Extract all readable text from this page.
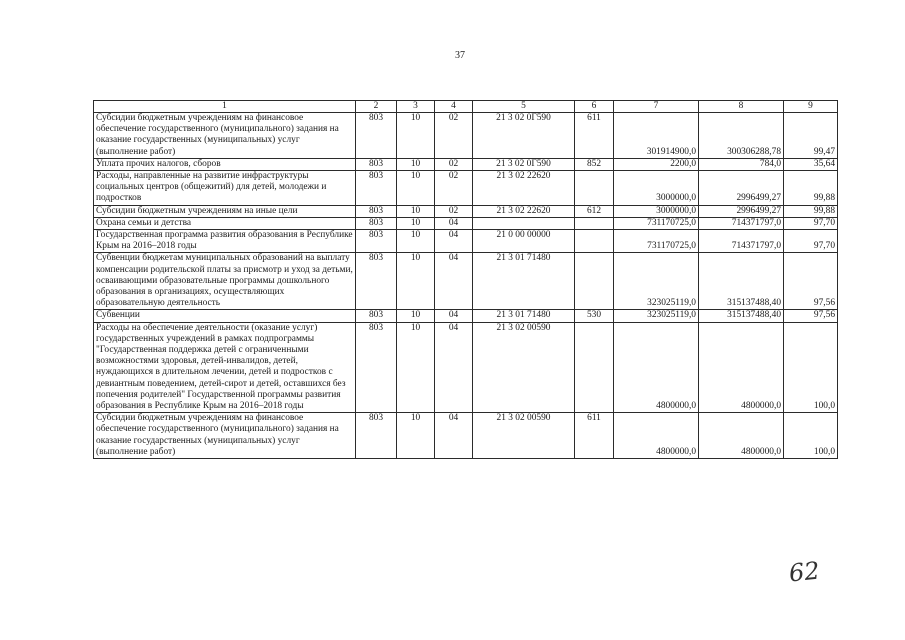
37
1	2	3	4	5	6	7	8	9
Субсидии бюджетным учреждениям на финансовое обеспечение государственного (муниципального) задания на оказание государственных (муниципальных) услуг (выполнение работ)	803	10	02	21 3 02 0Г590	611	301914900,0	300306288,78	99,47
Уплата прочих налогов, сборов	803	10	02	21 3 02 0Г590	852	2200,0	784,0	35,64
Расходы, направленные на развитие инфраструктуры социальных центров (общежитий) для детей, молодежи и подростков	803	10	02	21 3 02 22620		3000000,0	2996499,27	99,88
Субсидии бюджетным учреждениям на иные цели	803	10	02	21 3 02 22620	612	3000000,0	2996499,27	99,88
Охрана семьи и детства	803	10	04			731170725,0	714371797,0	97,70
Государственная программа развития образования в Республике Крым на 2016–2018 годы	803	10	04	21 0 00 00000		731170725,0	714371797,0	97,70
Субвенции бюджетам муниципальных образований на выплату компенсации родительской платы за присмотр и уход за детьми, осваивающими образовательные программы дошкольного образования в организациях, осуществляющих образовательную деятельность	803	10	04	21 3 01 71480		323025119,0	315137488,40	97,56
Субвенции	803	10	04	21 3 01 71480	530	323025119,0	315137488,40	97,56
Расходы на обеспечение деятельности (оказание услуг) государственных учреждений в рамках подпрограммы "Государственная поддержка детей с ограниченными возможностями здоровья, детей-инвалидов, детей, нуждающихся в длительном лечении, детей и подростков с девиантным поведением, детей-сирот и детей, оставшихся без попечения родителей" Государственной программы развития образования в Республике Крым на 2016–2018 годы	803	10	04	21 3 02 00590		4800000,0	4800000,0	100,0
Субсидии бюджетным учреждениям на финансовое обеспечение государственного (муниципального) задания на оказание государственных (муниципальных) услуг (выполнение работ)	803	10	04	21 3 02 00590	611	4800000,0	4800000,0	100,0
62
